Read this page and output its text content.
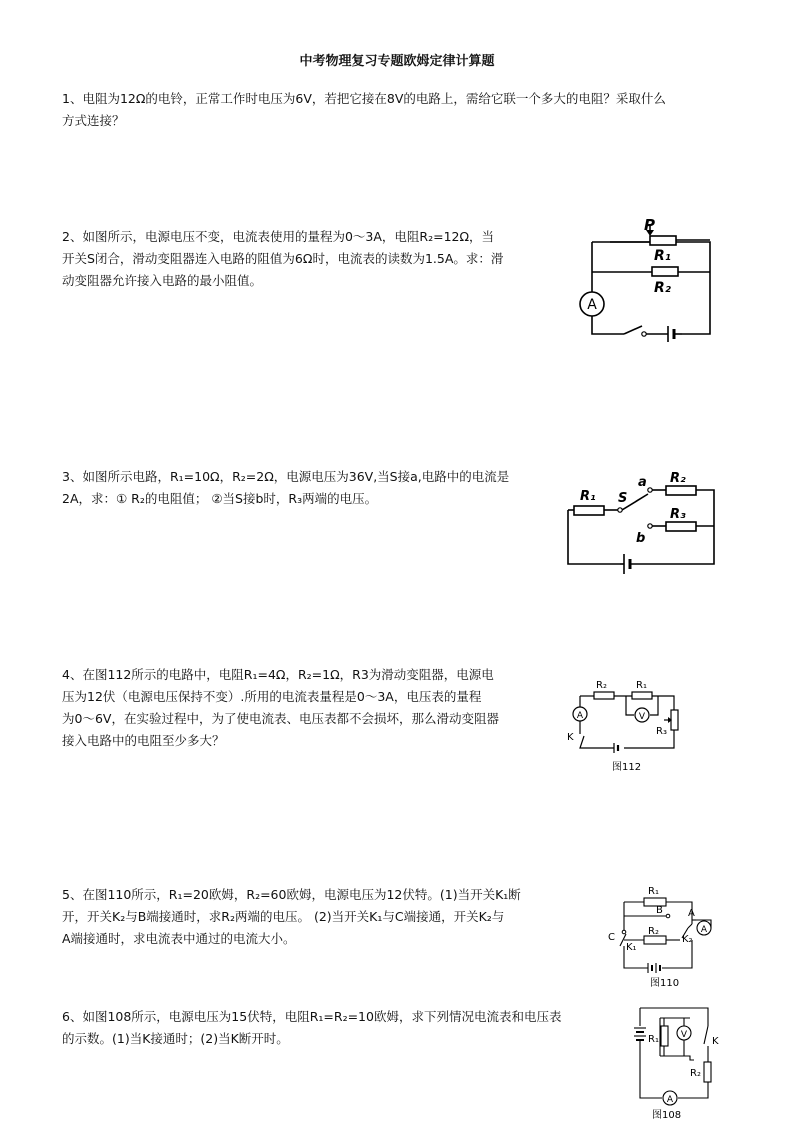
中考物理复习专题欧姆定律计算题

1、电阻为12Ω的电铃，正常工作时电压为6V，若把它接在8V的电路上，需给它联一个多大的电阻？采取什么

方式连接？

2、如图所示，电源电压不变，电流表使用的量程为0～3A，电阻R₂=12Ω，当

开关S闭合，滑动变阻器连入电路的阻值为6Ω时，电流表的读数为1.5A。求：滑

动变阻器允许接入电路的最小阻值。

A
P
R₁
R₂

3、如图所示电路，R₁=10Ω，R₂=2Ω，电源电压为36V,当S接a,电路中的电流是

2A，求：① R₂的电阻值； ②当S接b时，R₃两端的电压。	R₁ S
a
b
R₂
R₃

4、在图112所示的电路中，电阻R₁=4Ω，R₂=1Ω，R3为滑动变阻器，电源电

压为12伏（电源电压保持不变）.所用的电流表量程是0～3A，电压表的量程

为0～6V，在实验过程中，为了使电流表、电压表都不会损坏，那么滑动变阻器

接入电路中的电阻至少多大？

A	V
R₂	R₁
R₃
K
图112

5、在图110所示，R₁=20欧姆，R₂=60欧姆，电源电压为12伏特。(1)当开关K₁断

开，开关K₂与B端接通时，求R₂两端的电压。 (2)当开关K₁与C端接通，开关K₂与

A端接通时，求电流表中通过的电流大小。

A
R₁
B	A
C
K₁
R₂
K₂
图110

6、如图108所示，电源电压为15伏特，电阻R₁=R₂=10欧姆，求下列情况电流表和电压表

的示数。(1)当K接通时；(2)当K断开时。	V
A
R₁	K
R₂
图108
